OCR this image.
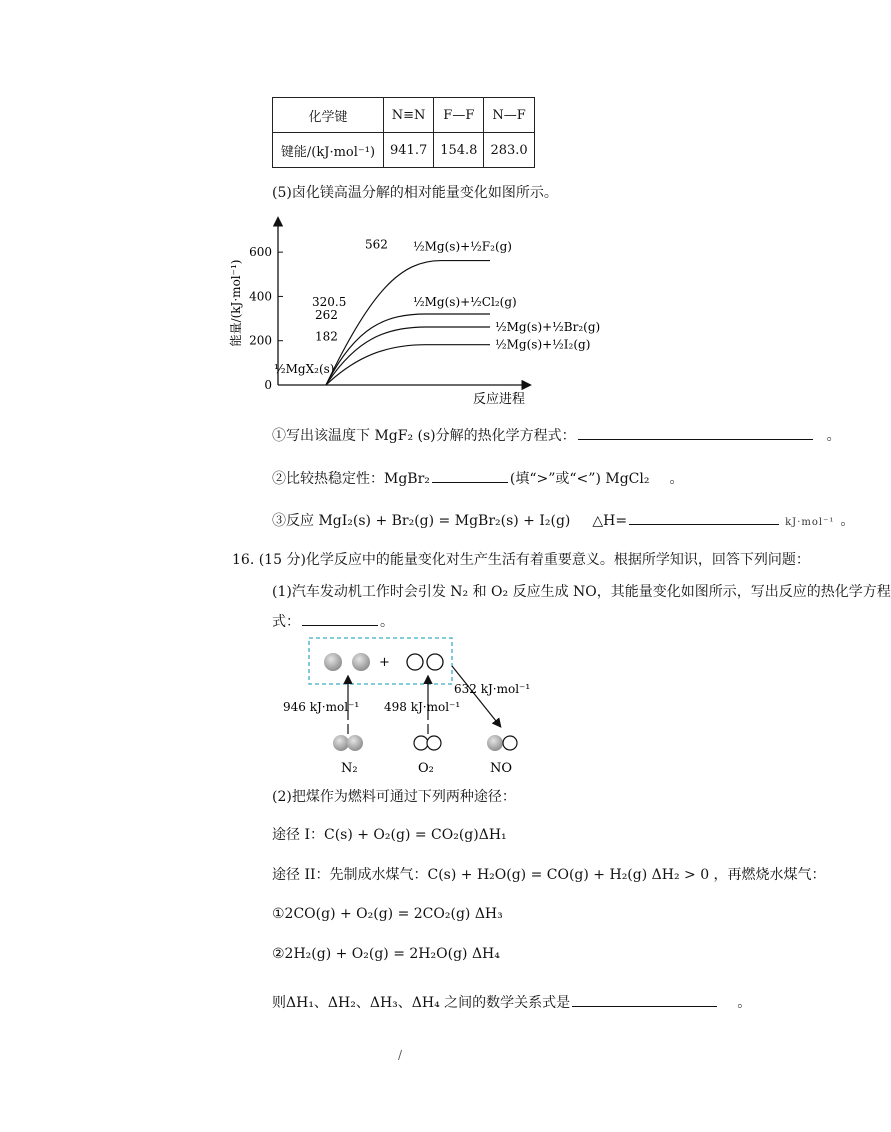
化学键	N≡N	F—F	N—F
键能/(kJ·mol⁻¹)	941.7	154.8	283.0
(5)卤化镁高温分解的相对能量变化如图所示。
0
200
400
600
能量/(kJ·mol⁻¹)
反应进程
½MgX₂(s)
562 ½Mg(s)+½F₂(g)
320.5	½Mg(s)+½Cl₂(g)
262
½Mg(s)+½Br₂(g)
182
½Mg(s)+½I₂(g)
①写出该温度下 MgF₂ (s)分解的热化学方程式：	。
②比较热稳定性：MgBr₂	(填“>”或“<”) MgCl₂ 。
③反应 MgI₂(s) + Br₂(g) = MgBr₂(s) + I₂(g) △H=	kJ·mol⁻¹ 。
16. (15 分)化学反应中的能量变化对生产生活有着重要意义。根据所学知识，回答下列问题：
(1)汽车发动机工作时会引发 N₂ 和 O₂ 反应生成 NO，其能量变化如图所示，写出反应的热化学方程
式：	。
+
946 kJ·mol⁻¹ 498 kJ·mol⁻¹
632 kJ·mol⁻¹
N₂	O₂	NO
(2)把煤作为燃料可通过下列两种途径：
途径 I：C(s) + O₂(g) = CO₂(g)ΔH₁
途径 II：先制成水煤气：C(s) + H₂O(g) = CO(g) + H₂(g) ΔH₂ > 0 ，再燃烧水煤气：
①2CO(g) + O₂(g) = 2CO₂(g) ΔH₃
②2H₂(g) + O₂(g) = 2H₂O(g) ΔH₄
则ΔH₁、ΔH₂、ΔH₃、ΔH₄ 之间的数学关系式是	。
/
